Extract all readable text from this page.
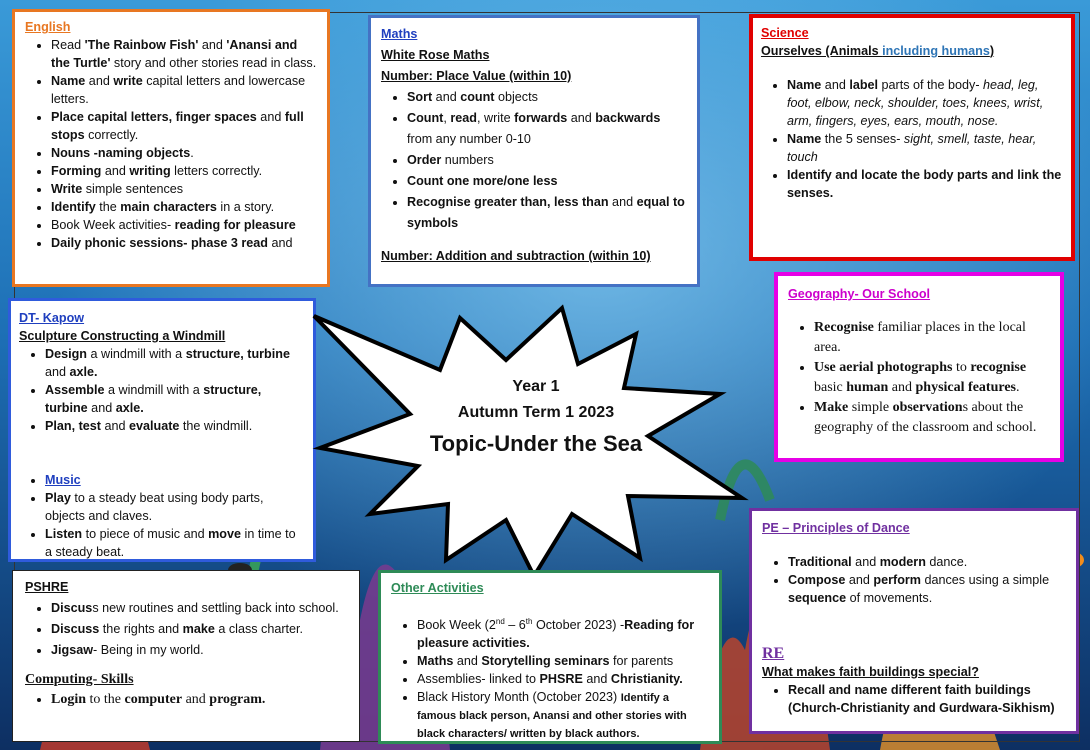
English
• Read 'The Rainbow Fish' and 'Anansi and the Turtle' story and other stories read in class.
• Name and write capital letters and lowercase letters.
• Place capital letters, finger spaces and full stops correctly.
• Nouns -naming objects.
• Forming and writing letters correctly.
• Write simple sentences
• Identify the main characters in a story.
• Book Week activities- reading for pleasure
• Daily phonic sessions- phase 3 read and
Maths
White Rose Maths
Number: Place Value (within 10)
• Sort and count objects
• Count, read, write forwards and backwards from any number 0-10
• Order numbers
• Count one more/one less
• Recognise greater than, less than and equal to symbols
Number: Addition and subtraction (within 10)
Science
Ourselves (Animals including humans)
• Name and label parts of the body- head, leg, foot, elbow, neck, shoulder, toes, knees, wrist, arm, fingers, eyes, ears, mouth, nose.
• Name the 5 senses- sight, smell, taste, hear, touch
• Identify and locate the body parts and link the senses.
DT- Kapow
Sculpture Constructing a Windmill
• Design a windmill with a structure, turbine and axle.
• Assemble a windmill with a structure, turbine and axle.
• Plan, test and evaluate the windmill.
• Music
• Play to a steady beat using body parts, objects and claves.
• Listen to piece of music and move in time to a steady beat.
Year 1
Autumn Term 1 2023
Topic-Under the Sea
Geography- Our School
• Recognise familiar places in the local area.
• Use aerial photographs to recognise basic human and physical features.
• Make simple observations about the geography of the classroom and school.
PE – Principles of Dance
• Traditional and modern dance.
• Compose and perform dances using a simple sequence of movements.
RE
What makes faith buildings special?
• Recall and name different faith buildings (Church-Christianity and Gurdwara-Sikhism)
PSHRE
• Discuss new routines and settling back into school.
• Discuss the rights and make a class charter.
• Jigsaw- Being in my world.
Computing- Skills
• Login to the computer and program.
Other Activities
• Book Week (2nd – 6th October 2023) -Reading for pleasure activities.
• Maths and Storytelling seminars for parents
• Assemblies- linked to PHSRE and Christianity.
• Black History Month (October 2023) Identify a famous black person, Anansi and other stories with black characters/ written by black authors.
